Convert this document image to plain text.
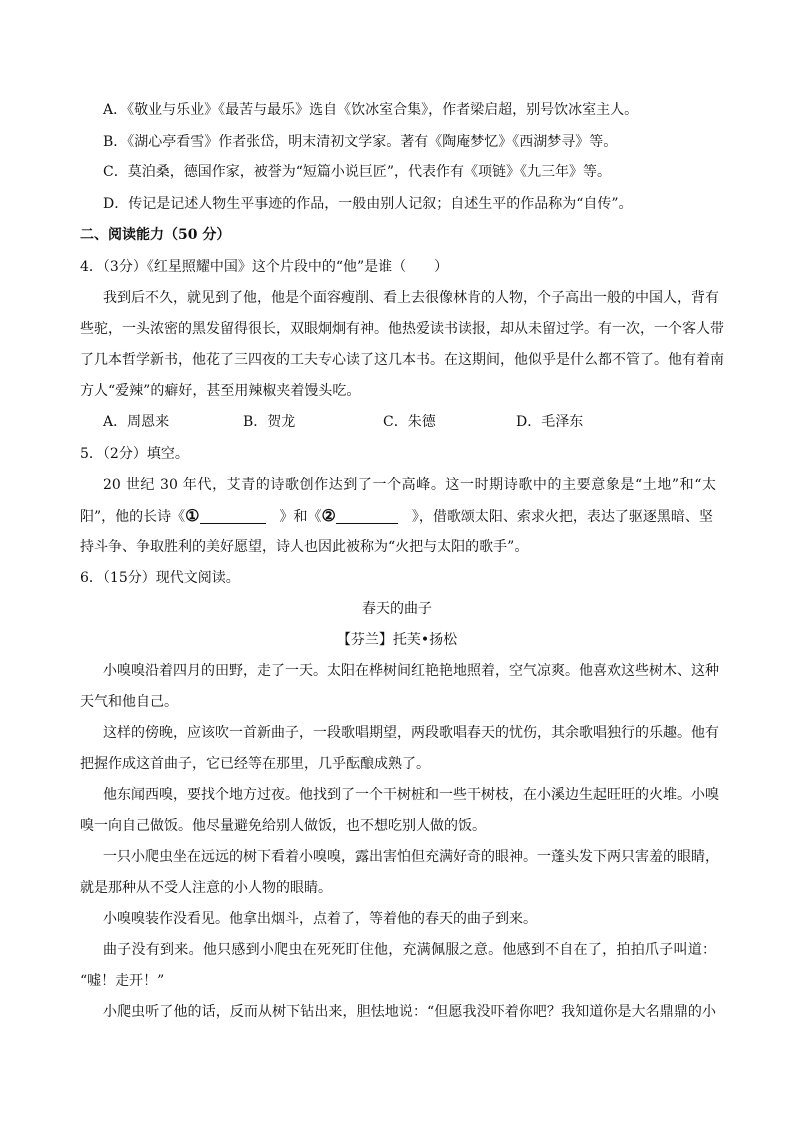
A．《敬业与乐业》《最苦与最乐》选自《饮冰室合集》，作者梁启超，别号饮冰室主人。
B．《湖心亭看雪》作者张岱，明末清初文学家。著有《陶庵梦忆》《西湖梦寻》等。
C．莫泊桑，德国作家，被誉为“短篇小说巨匠”，代表作有《项链》《九三年》等。
D．传记是记述人物生平事迹的作品，一般由别人记叙；自述生平的作品称为“自传”。
二、阅读能力（50 分）
4．（3分）《红星照耀中国》这个片段中的“他”是谁（　　）
我到后不久，就见到了他，他是个面容瘦削、看上去很像林肯的人物，个子高出一般的中国人，背有
些驼，一头浓密的黑发留得很长，双眼炯炯有神。他热爱读书读报，却从未留过学。有一次，一个客人带
了几本哲学新书，他花了三四夜的工夫专心读了这几本书。在这期间，他似乎是什么都不管了。他有着南
方人“爱辣”的癖好，甚至用辣椒夹着馒头吃。
A．周恩来	B．贺龙	C．朱德	D．毛泽东
5．（2分）填空。
20 世纪 30 年代，艾青的诗歌创作达到了一个高峰。这一时期诗歌中的主要意象是“土地”和“太
阳”，他的长诗《①　	》和《②　	》，借歌颂太阳、索求火把，表达了驱逐黑暗、坚
持斗争、争取胜利的美好愿望，诗人也因此被称为“火把与太阳的歌手”。
6．（15分）现代文阅读。
春天的曲子
【芬兰】托芙•扬松
小嗅嗅沿着四月的田野，走了一天。太阳在桦树间红艳艳地照着，空气凉爽。他喜欢这些树木、这种
天气和他自己。
这样的傍晚，应该吹一首新曲子，一段歌唱期望，两段歌唱春天的忧伤，其余歌唱独行的乐趣。他有
把握作成这首曲子，它已经等在那里，几乎酝酿成熟了。
他东闻西嗅，要找个地方过夜。他找到了一个干树桩和一些干树枝，在小溪边生起旺旺的火堆。小嗅
嗅一向自己做饭。他尽量避免给别人做饭，也不想吃别人做的饭。
一只小爬虫坐在远远的树下看着小嗅嗅，露出害怕但充满好奇的眼神。一蓬头发下两只害羞的眼睛，
就是那种从不受人注意的小人物的眼睛。
小嗅嗅装作没看见。他拿出烟斗，点着了，等着他的春天的曲子到来。
曲子没有到来。他只感到小爬虫在死死盯住他，充满佩服之意。他感到不自在了，拍拍爪子叫道：
“嘘！走开！”
小爬虫听了他的话，反而从树下钻出来，胆怯地说：“但愿我没吓着你吧？我知道你是大名鼎鼎的小
